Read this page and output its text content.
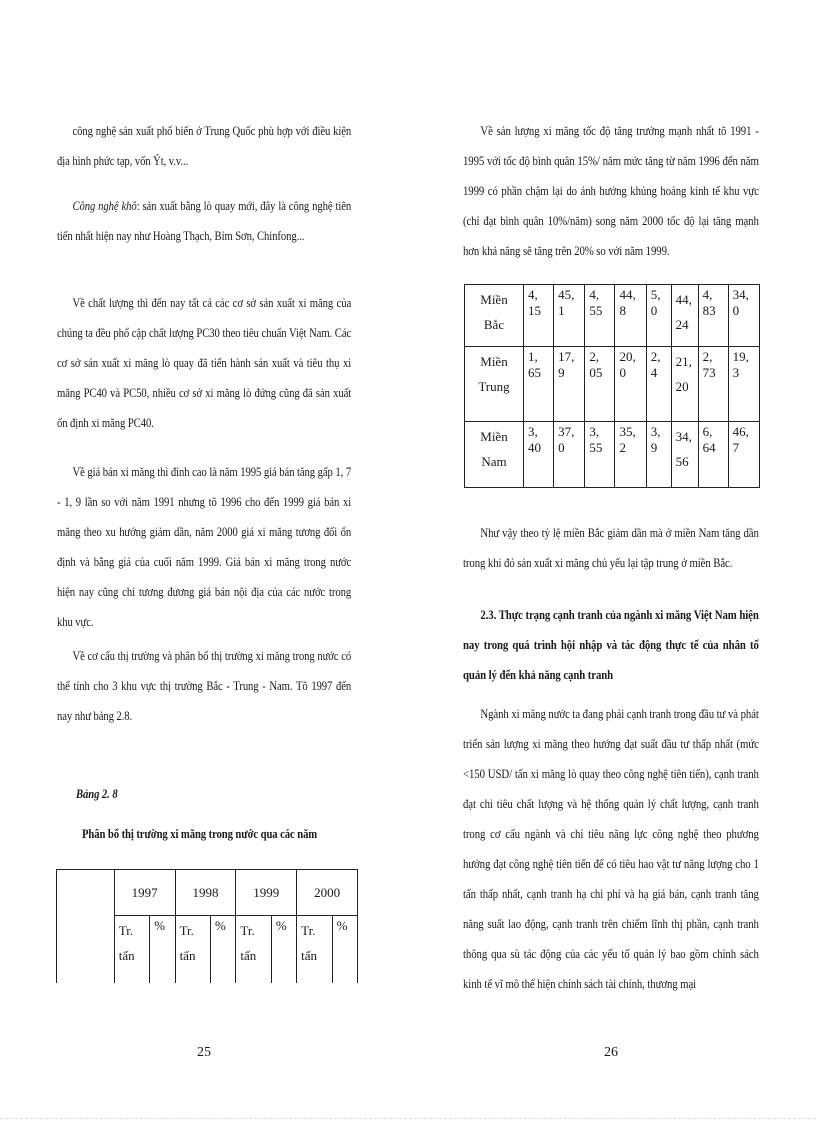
công nghệ sản xuất phổ biến ở Trung Quốc phù hợp với điều kiện địa hình phức tạp, vốn Ýt, v.v...

Công nghệ khô: sản xuất bằng lò quay mới, đây là công nghệ tiên tiến nhất hiện nay như Hoàng Thạch, Bỉm Sơn, Chinfong...

Về chất lượng thì đến nay tất cả các cơ sở sản xuất xi măng của chúng ta đều phổ cập chất lượng PC30 theo tiêu chuẩn Việt Nam. Các cơ sở sản xuất xi măng lò quay đã tiến hành sản xuất và tiêu thụ xi măng PC40 và PC50, nhiều cơ sở xi măng lò đứng cũng đã sản xuất ổn định xi măng PC40.

Về giá bán xi măng thì đỉnh cao là năm 1995 giá bán tăng gấp 1, 7 - 1, 9 lần so với năm 1991 nhưng tõ 1996 cho đến 1999 giá bán xi măng theo xu hướng giảm dần, năm 2000 giá xi măng tương đối ổn định và bằng giá của cuối năm 1999. Giá bán xi măng trong nước hiện nay cũng chỉ tương đương giá bán nội địa của các nước trong khu vực.

Về cơ cấu thị trường và phân bố thị trường xi măng trong nước có thể tính cho 3 khu vực thị trường Bắc - Trung - Nam. Tõ 1997 đến nay như bảng 2.8.

Bảng 2. 8

Phân bổ thị trường xi măng trong nước qua các năm

	1997		1998		1999		2000	
	Tr. tấn	%	Tr. tấn	%	Tr. tấn	%	Tr. tấn	%
25

Về sản lượng xi măng tốc độ tăng trưởng mạnh nhất tõ 1991 - 1995 với tốc độ bình quân 15%/ năm mức tăng từ năm 1996 đến năm 1999 có phần chậm lại do ảnh hưởng khủng hoảng kinh tế khu vực (chỉ đạt bình quân 10%/năm) song năm 2000 tốc độ lại tăng mạnh hơn khả năng sẽ tăng trên 20% so với năm 1999.

Miền Bắc	4, 15	45, 1	4, 55	44, 8	5, 0	44, 24	4, 83	34, 0
Miền Trung	1, 65	17, 9	2, 05	20, 0	2, 4	21, 20	2, 73	19, 3
Miền Nam	3, 40	37, 0	3, 55	35, 2	3, 9	34, 56	6, 64	46, 7

Như vậy theo tỷ lệ miền Bắc giảm dần mà ở miền Nam tăng dần trong khi đó sản xuất xi măng chủ yếu lại tập trung ở miền Bắc.

2.3. Thực trạng cạnh tranh của ngành xi măng Việt Nam hiện nay trong quá trình hội nhập và tác động thực tế của nhân tố quản lý đến khả năng cạnh tranh

Ngành xi măng nước ta đang phải cạnh tranh trong đầu tư và phát triển sản lượng xi măng theo hướng đạt suất đầu tư thấp nhất (mức <150 USD/ tấn xi măng lò quay theo công nghệ tiên tiến), cạnh tranh đạt chỉ tiêu chất lượng và hệ thống quản lý chất lượng, cạnh tranh trong cơ cấu ngành và chỉ tiêu năng lực công nghệ theo phương hướng đạt công nghệ tiên tiến để có tiêu hao vật tư năng lượng cho 1 tấn thấp nhất, cạnh tranh hạ chi phí và hạ giá bán, cạnh tranh tăng năng suất lao động, cạnh tranh trên chiếm lĩnh thị phần, cạnh tranh thông qua sù tác động của các yếu tố quản lý bao gồm chính sách kinh tế vĩ mô thể hiện chính sách tài chính, thương mại

26
